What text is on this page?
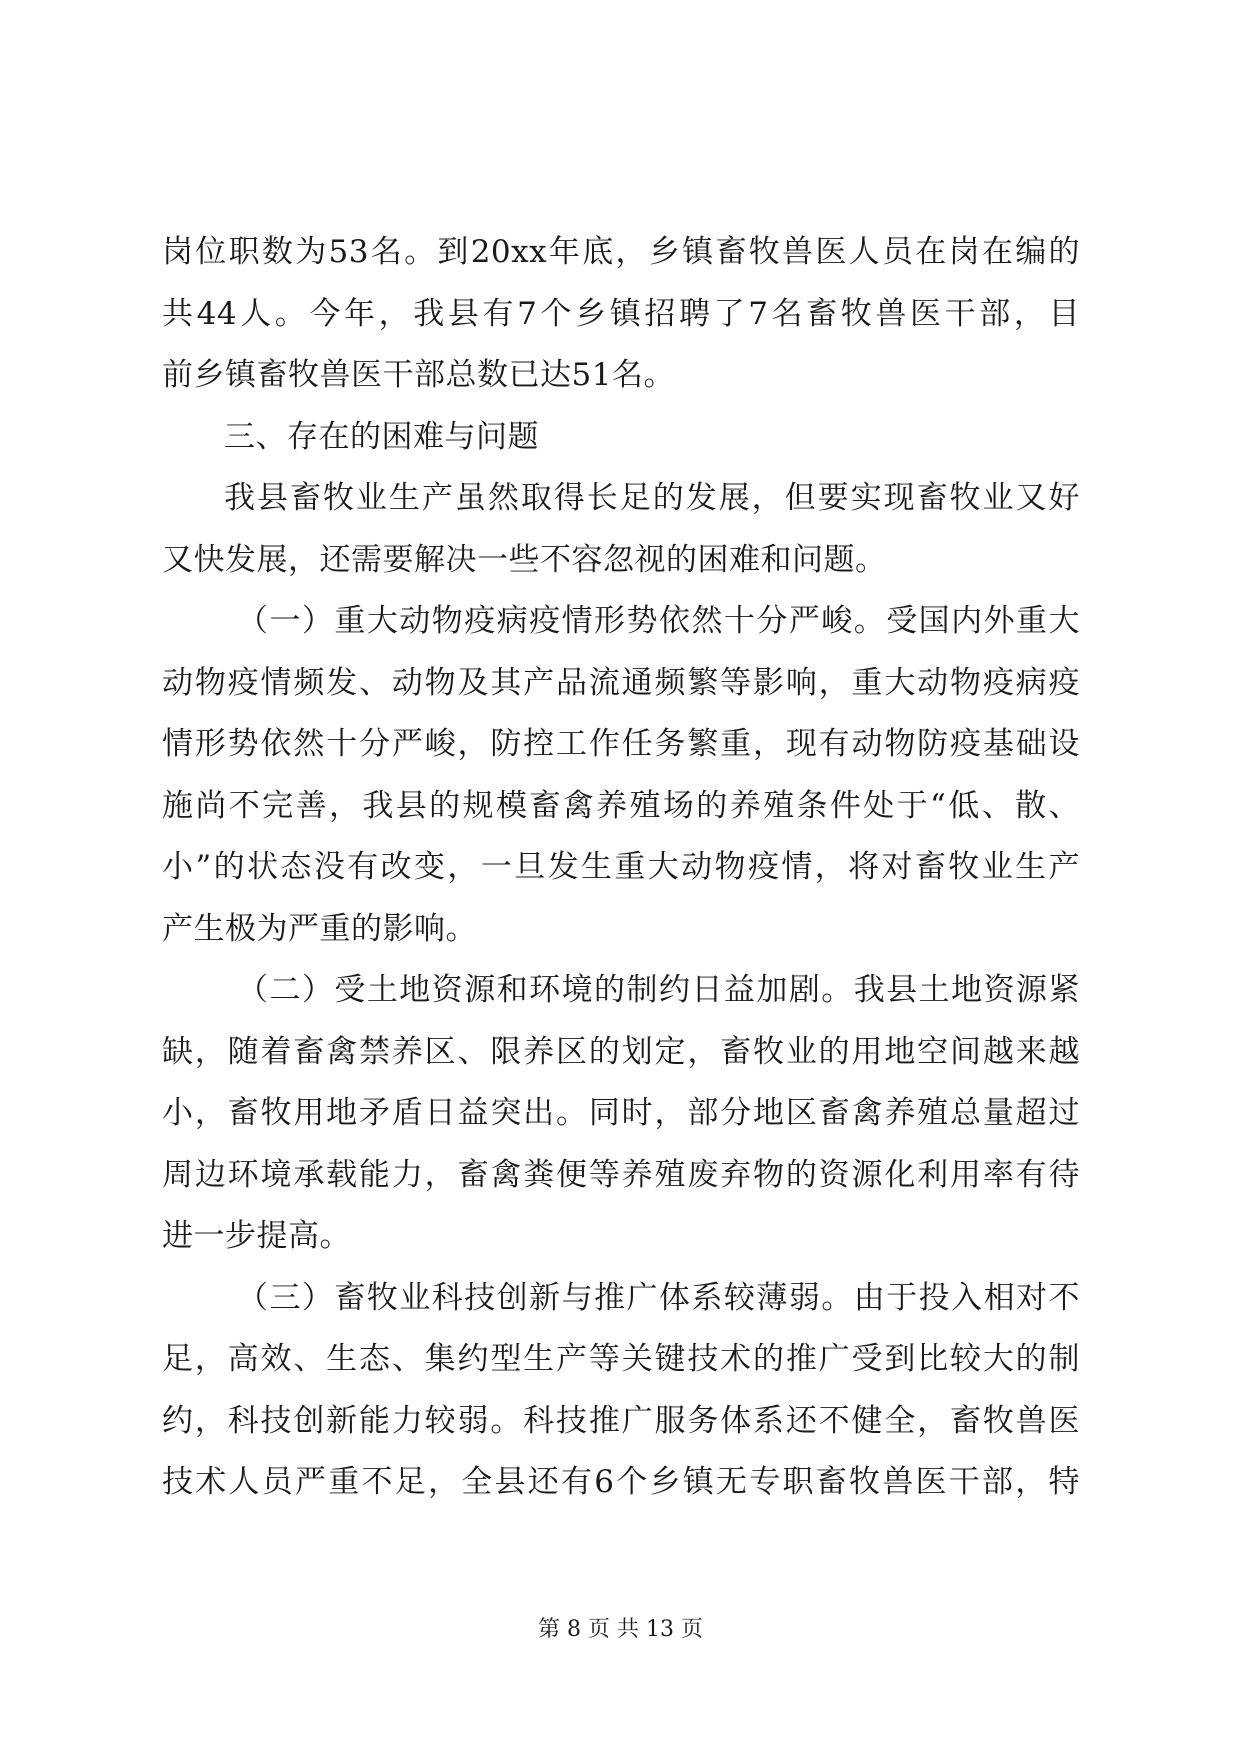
岗位职数为53名。到20xx年底，乡镇畜牧兽医人员在岗在编的
共44人。今年，我县有7个乡镇招聘了7名畜牧兽医干部，目
前乡镇畜牧兽医干部总数已达51名。
三、存在的困难与问题
我县畜牧业生产虽然取得长足的发展，但要实现畜牧业又好
又快发展，还需要解决一些不容忽视的困难和问题。
（一）重大动物疫病疫情形势依然十分严峻。受国内外重大
动物疫情频发、动物及其产品流通频繁等影响，重大动物疫病疫
情形势依然十分严峻，防控工作任务繁重，现有动物防疫基础设
施尚不完善，我县的规模畜禽养殖场的养殖条件处于“低、散、
小”的状态没有改变，一旦发生重大动物疫情，将对畜牧业生产
产生极为严重的影响。
（二）受土地资源和环境的制约日益加剧。我县土地资源紧
缺，随着畜禽禁养区、限养区的划定，畜牧业的用地空间越来越
小，畜牧用地矛盾日益突出。同时，部分地区畜禽养殖总量超过
周边环境承载能力，畜禽粪便等养殖废弃物的资源化利用率有待
进一步提高。
（三）畜牧业科技创新与推广体系较薄弱。由于投入相对不
足，高效、生态、集约型生产等关键技术的推广受到比较大的制
约，科技创新能力较弱。科技推广服务体系还不健全，畜牧兽医
技术人员严重不足，全县还有6个乡镇无专职畜牧兽医干部，特
第 8 页 共 13 页
